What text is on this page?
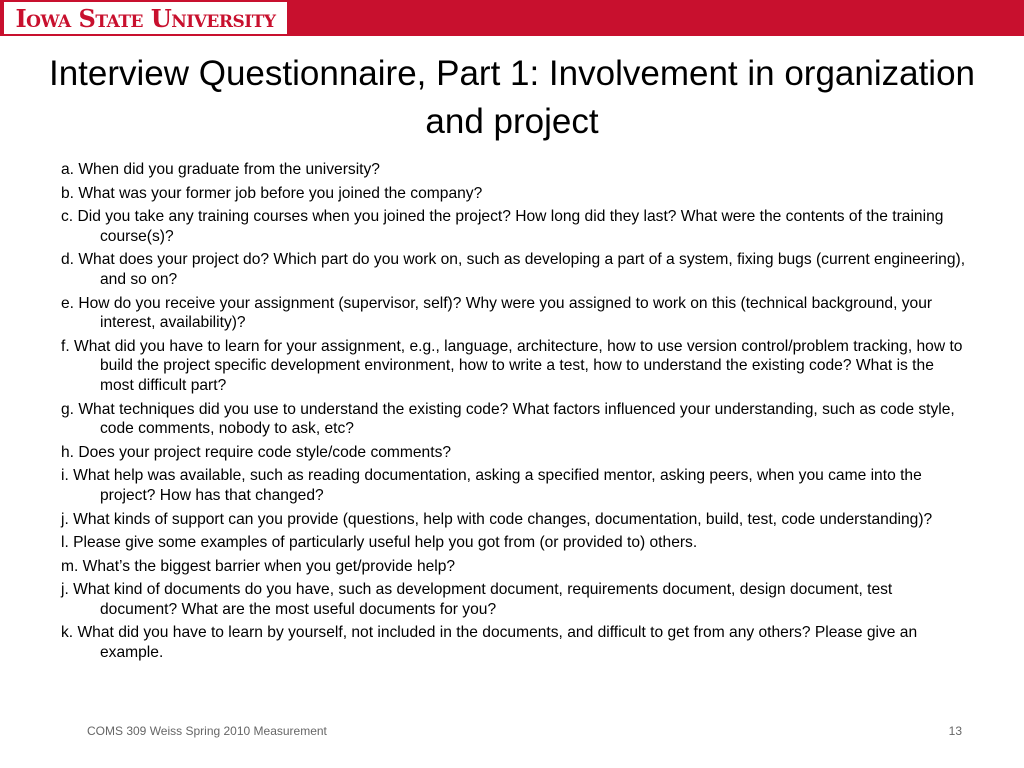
Iowa State University
Interview Questionnaire, Part 1: Involvement in organization and project
a. When did you graduate from the university?
b. What was your former job before you joined the company?
c. Did you take any training courses when you joined the project? How long did they last? What were the contents of the training course(s)?
d. What does your project do? Which part do you work on, such as developing a part of a system, fixing bugs (current engineering), and so on?
e. How do you receive your assignment (supervisor, self)? Why were you assigned to work on this (technical background, your interest, availability)?
f. What did you have to learn for your assignment, e.g., language, architecture, how to use version control/problem tracking, how to build the project specific development environment, how to write a test, how to understand the existing code? What is the most difficult part?
g. What techniques did you use to understand the existing code? What factors influenced your understanding, such as code style, code comments, nobody to ask, etc?
h. Does your project require code style/code comments?
i. What help was available, such as reading documentation, asking a specified mentor, asking peers, when you came into the project? How has that changed?
j. What kinds of support can you provide (questions, help with code changes, documentation, build, test, code understanding)?
l. Please give some examples of particularly useful help you got from (or provided to) others.
m. What’s the biggest barrier when you get/provide help?
j. What kind of documents do you have, such as development document, requirements document, design document, test document? What are the most useful documents for you?
k. What did you have to learn by yourself, not included in the documents, and difficult to get from any others? Please give an example.
COMS 309 Weiss Spring 2010 Measurement	13
